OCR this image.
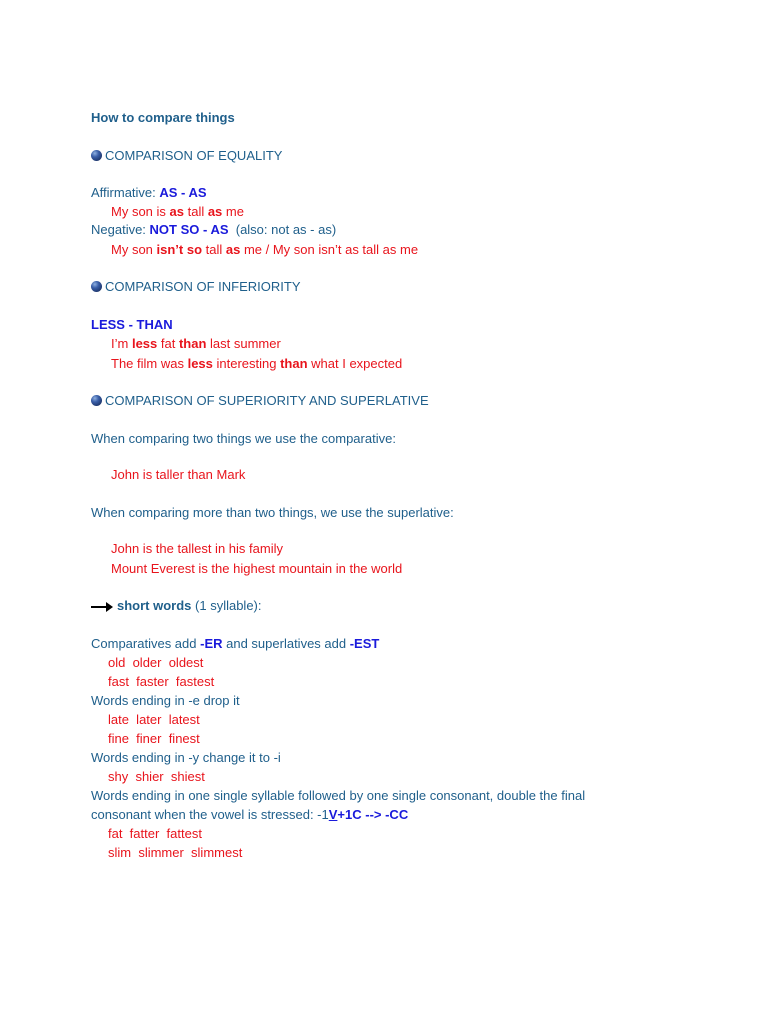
How to compare things
COMPARISON OF EQUALITY
Affirmative: AS - AS
My son is as tall as me
Negative: NOT SO - AS  (also: not as - as)
My son isn’t so tall as me / My son isn’t as tall as me
COMPARISON OF INFERIORITY
LESS - THAN
I’m less fat than last summer
The film was less interesting than what I expected
COMPARISON OF SUPERIORITY AND SUPERLATIVE
When comparing two things we use the comparative:
John is taller than Mark
When comparing more than two things, we use the superlative:
John is the tallest in his family
Mount Everest is the highest mountain in the world
short words (1 syllable):
Comparatives add -ER and superlatives add -EST
old  older  oldest
fast  faster  fastest
Words ending in -e drop it
late  later  latest
fine  finer  finest
Words ending in -y change it to -i
shy  shier  shiest
Words ending in one single syllable followed by one single consonant, double the final
consonant when the vowel is stressed: -1V+1C --> -CC
fat  fatter  fattest
slim  slimmer  slimmest
